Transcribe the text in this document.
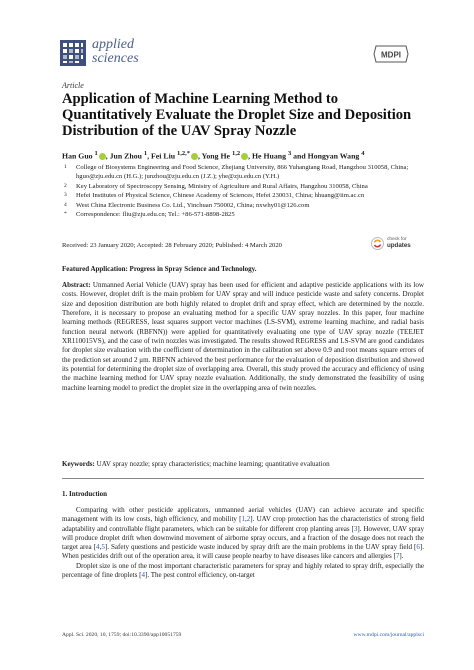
applied
sciences	MDPI
Article
Application of Machine Learning Method to Quantitatively Evaluate the Droplet Size and Deposition Distribution of the UAV Spray Nozzle
Han Guo $^1$ , Jun Zhou $^1$, Fei Liu $^{1,2,*}$ , Yong He $^{1,2}$ , He Huang $^3$ and Hongyan Wang $^4$
1 College of Biosystems Engineering and Food Science, Zhejiang University, 866 Yuhangtang Road, Hangzhou 310058, China; hguo@zju.edu.cn (H.G.); junzhou@zju.edu.cn (J.Z.); yhe@zju.edu.cn (Y.H.)
2 Key Laboratory of Spectroscopy Sensing, Ministry of Agriculture and Rural Affairs, Hangzhou 310058, China
3 Hefei Institutes of Physical Science, Chinese Academy of Sciences, Hefei 230031, China; hhuang@iim.ac.cn
4 West China Electronic Business Co. Ltd., Yinchuan 750002, China; nxwhy01@126.com
* Correspondence: fliu@zju.edu.cn; Tel.: +86-571-8898-2825
Received: 23 January 2020; Accepted: 28 February 2020; Published: 4 March 2020
check for
updates
Featured Application: Progress in Spray Science and Technology.
Abstract: Unmanned Aerial Vehicle (UAV) spray has been used for efficient and adaptive pesticide applications with its low costs. However, droplet drift is the main problem for UAV spray and will induce pesticide waste and safety concerns. Droplet size and deposition distribution are both highly related to droplet drift and spray effect, which are determined by the nozzle. Therefore, it is necessary to propose an evaluating method for a specific UAV spray nozzles. In this paper, four machine learning methods (REGRESS, least squares support vector machines (LS-SVM), extreme learning machine, and radial basis function neural network (RBFNN)) were applied for quantitatively evaluating one type of UAV spray nozzle (TEEJET XR110015VS), and the case of twin nozzles was investigated. The results showed REGRESS and LS-SVM are good candidates for droplet size evaluation with the coefficient of determination in the calibration set above 0.9 and root means square errors of the prediction set around 2 μm. RBFNN achieved the best performance for the evaluation of deposition distribution and showed its potential for determining the droplet size of overlapping area. Overall, this study proved the accuracy and efficiency of using the machine learning method for UAV spray nozzle evaluation. Additionally, the study demonstrated the feasibility of using machine learning model to predict the droplet size in the overlapping area of twin nozzles.
Keywords: UAV spray nozzle; spray characteristics; machine learning; quantitative evaluation
1. Introduction

Comparing with other pesticide applicators, unmanned aerial vehicles (UAV) can achieve accurate and specific management with its low costs, high efficiency, and mobility [1,2]. UAV crop protection has the characteristics of strong field adaptability and controllable flight parameters, which can be suitable for different crop planting areas [3]. However, UAV spray will produce droplet drift when downwind movement of airborne spray occurs, and a fraction of the dosage does not reach the target area [4,5]. Safety questions and pesticide waste induced by spray drift are the main problems in the UAV spray field [6]. When pesticides drift out of the operation area, it will cause people nearby to have diseases like cancers and allergies [7].

Droplet size is one of the most important characteristic parameters for spray and highly related to spray drift, especially the percentage of fine droplets [4]. The pest control efficiency, on-target

Appl. Sci. 2020, 10, 1759; doi:10.3390/app10051759	www.mdpi.com/journal/applsci
